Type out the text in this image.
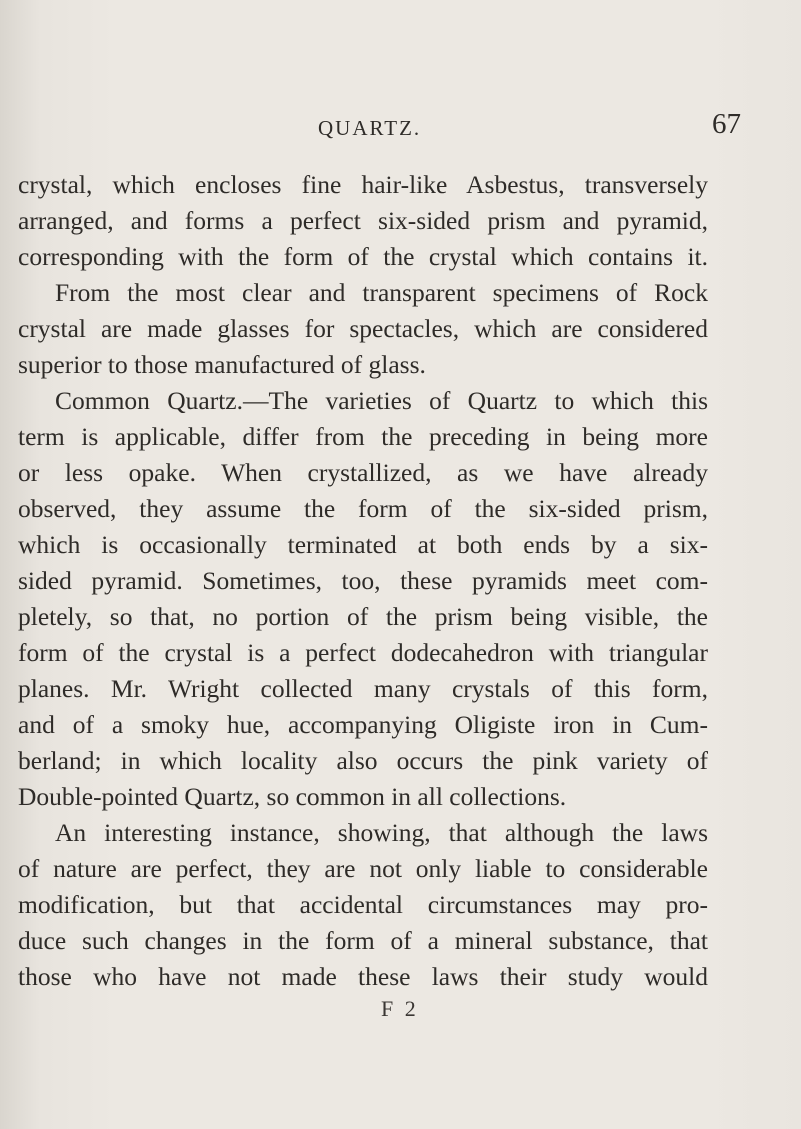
QUARTZ.	67
crystal, which encloses fine hair-like Asbestus, transversely
arranged, and forms a perfect six-sided prism and pyramid,
corresponding with the form of the crystal which contains it.
From the most clear and transparent specimens of Rock
crystal are made glasses for spectacles, which are considered
superior to those manufactured of glass.
Common Quartz.—The varieties of Quartz to which this
term is applicable, differ from the preceding in being more
or less opake. When crystallized, as we have already
observed, they assume the form of the six-sided prism,
which is occasionally terminated at both ends by a six-
sided pyramid. Sometimes, too, these pyramids meet com-
pletely, so that, no portion of the prism being visible, the
form of the crystal is a perfect dodecahedron with triangular
planes. Mr. Wright collected many crystals of this form,
and of a smoky hue, accompanying Oligiste iron in Cum-
berland; in which locality also occurs the pink variety of
Double-pointed Quartz, so common in all collections.
An interesting instance, showing, that although the laws
of nature are perfect, they are not only liable to considerable
modification, but that accidental circumstances may pro-
duce such changes in the form of a mineral substance, that
those who have not made these laws their study would
F 2
